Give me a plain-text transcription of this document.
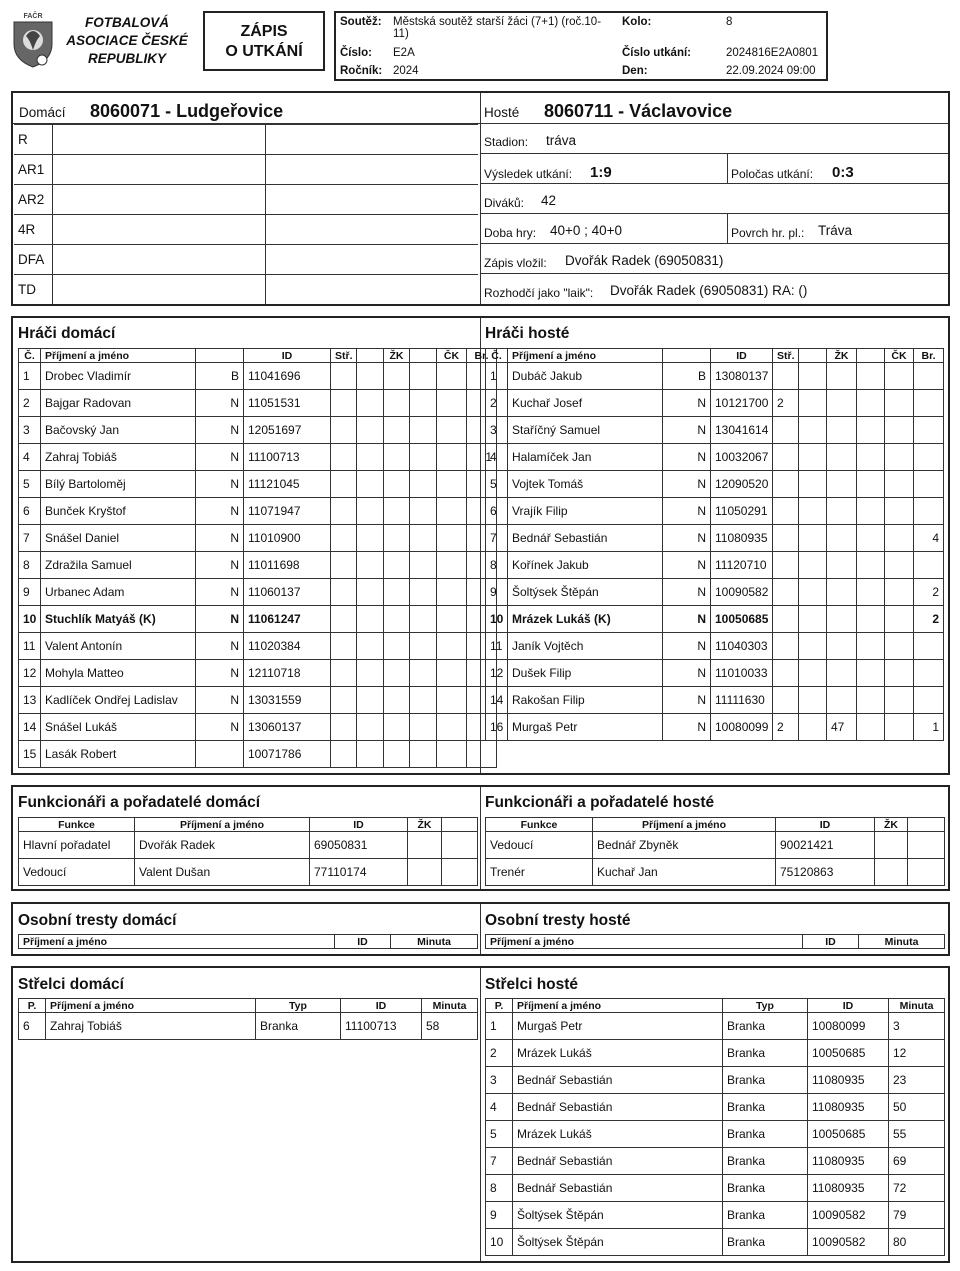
FAČR	FOTBALOVÁ
ASOCIACE ČESKÉ
REPUBLIKY
ZÁPIS
O UTKÁNÍ
Soutěž: Městská soutěž starší žáci (7+1) (roč.10-11)
Kolo:	8
Číslo: E2A	Číslo utkání:	2024816E2A0801
Ročník: 2024	Den:	22.09.2024 09:00
Domácí 8060071 - Ludgeřovice	Hosté 8060711 - Václavovice
Stadion: tráva
Výsledek utkání: 1:9	Poločas utkání: 0:3
Diváků: 42
Doba hry: 40+0 ; 40+0	Povrch hr. pl.: Tráva
Zápis vložil: Dvořák Radek (69050831)
Rozhodčí jako "laik": Dvořák Radek (69050831) RA: ()
R
AR1
AR2
4R
DFA
TD
Hráči domácí	Hráči hosté
Č.	Příjmení a jméno		ID	Stř.		ŽK		ČK	Br.
1	Drobec Vladimír	B	11041696						
2	Bajgar Radovan	N	11051531						
3	Bačovský Jan	N	12051697						
4	Zahraj Tobiáš	N	11100713						1
5	Bílý Bartoloměj	N	11121045						
6	Bunček Kryštof	N	11071947						
7	Snášel Daniel	N	11010900						
8	Zdražila Samuel	N	11011698						
9	Urbanec Adam	N	11060137						
10	Stuchlík Matyáš (K)	N	11061247						
11	Valent Antonín	N	11020384						
12	Mohyla Matteo	N	12110718						
13	Kadlíček Ondřej Ladislav	N	13031559						
14	Snášel Lukáš	N	13060137						
15	Lasák Robert		10071786						
Č.	Příjmení a jméno		ID	Stř.		ŽK		ČK	Br.
1	Dubáč Jakub	B	13080137						
2	Kuchař Josef	N	10121700	2					
3	Staříčný Samuel	N	13041614						
4	Halamíček Jan	N	10032067						
5	Vojtek Tomáš	N	12090520						
6	Vrajík Filip	N	11050291						
7	Bednář Sebastián	N	11080935						4
8	Kořínek Jakub	N	11120710						
9	Šoltýsek Štěpán	N	10090582						2
10	Mrázek Lukáš (K)	N	10050685						2
11	Janík Vojtěch	N	11040303						
12	Dušek Filip	N	11010033						
14	Rakošan Filip	N	11111630						
16	Murgaš Petr	N	10080099	2		47			1
Funkcionáři a pořadatelé domácí	Funkcionáři a pořadatelé hosté
Funkce	Příjmení a jméno	ID	ŽK	
Hlavní pořadatel	Dvořák Radek	69050831		
Vedoucí	Valent Dušan	77110174		
Funkce	Příjmení a jméno	ID	ŽK	
Vedoucí	Bednář Zbyněk	90021421		
Trenér	Kuchař Jan	75120863		
Osobní tresty domácí	Osobní tresty hosté
Příjmení a jméno	ID	Minuta	Příjmení a jméno	ID	Minuta
Střelci domácí	Střelci hosté
P.	Příjmení a jméno	Typ	ID	Minuta
6	Zahraj Tobiáš	Branka	11100713	58
P.	Příjmení a jméno	Typ	ID	Minuta
1	Murgaš Petr	Branka	10080099	3
2	Mrázek Lukáš	Branka	10050685	12
3	Bednář Sebastián	Branka	11080935	23
4	Bednář Sebastián	Branka	11080935	50
5	Mrázek Lukáš	Branka	10050685	55
7	Bednář Sebastián	Branka	11080935	69
8	Bednář Sebastián	Branka	11080935	72
9	Šoltýsek Štěpán	Branka	10090582	79
10	Šoltýsek Štěpán	Branka	10090582	80
